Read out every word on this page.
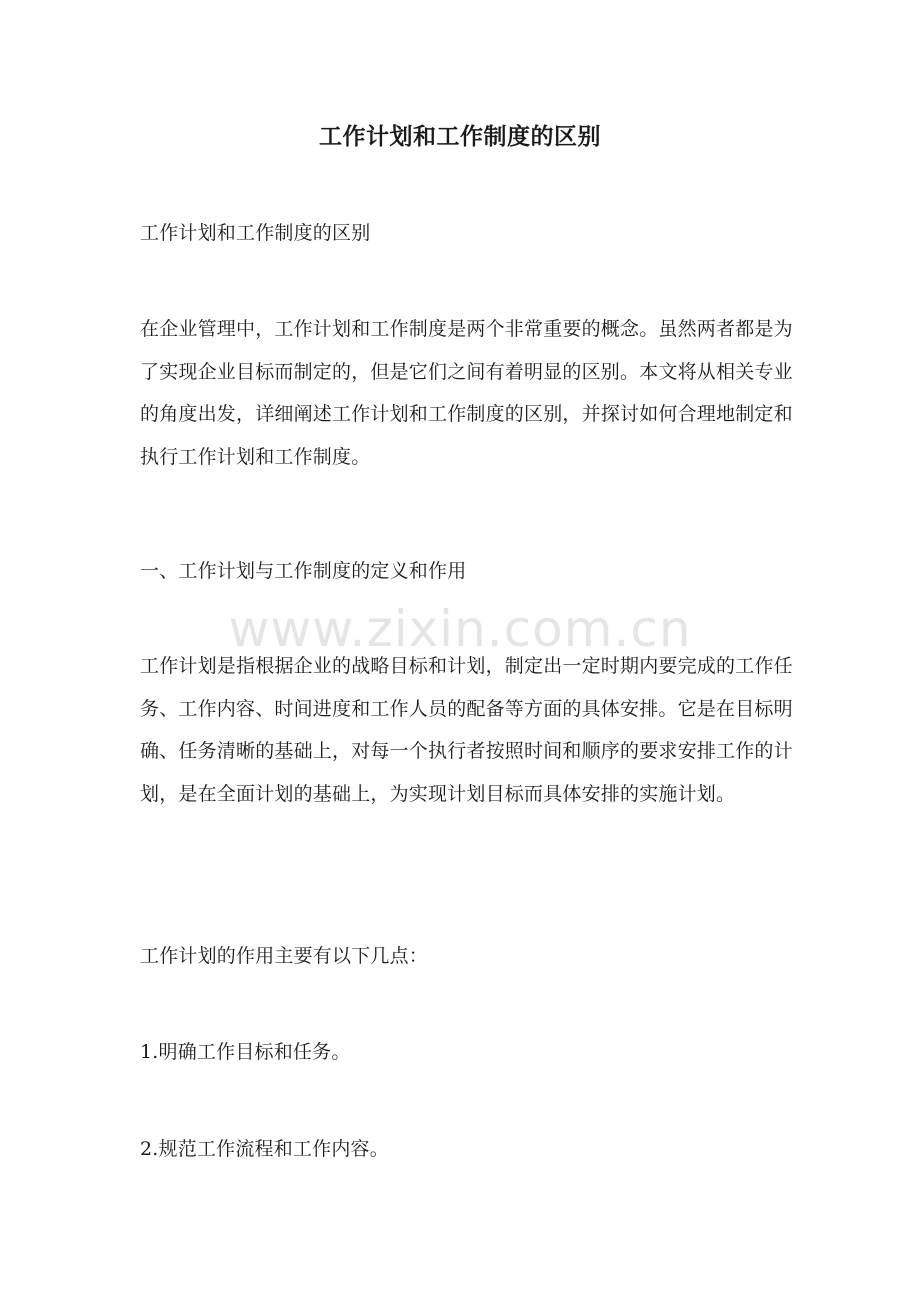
工作计划和工作制度的区别

工作计划和工作制度的区别

在企业管理中，工作计划和工作制度是两个非常重要的概念。虽然两者都是为了实现企业目标而制定的，但是它们之间有着明显的区别。本文将从相关专业的角度出发，详细阐述工作计划和工作制度的区别，并探讨如何合理地制定和执行工作计划和工作制度。

一、工作计划与工作制度的定义和作用

工作计划是指根据企业的战略目标和计划，制定出一定时期内要完成的工作任务、工作内容、时间进度和工作人员的配备等方面的具体安排。它是在目标明确、任务清晰的基础上，对每一个执行者按照时间和顺序的要求安排工作的计划，是在全面计划的基础上，为实现计划目标而具体安排的实施计划。

工作计划的作用主要有以下几点：

1.明确工作目标和任务。

2.规范工作流程和工作内容。

www.zixin.com.cn
